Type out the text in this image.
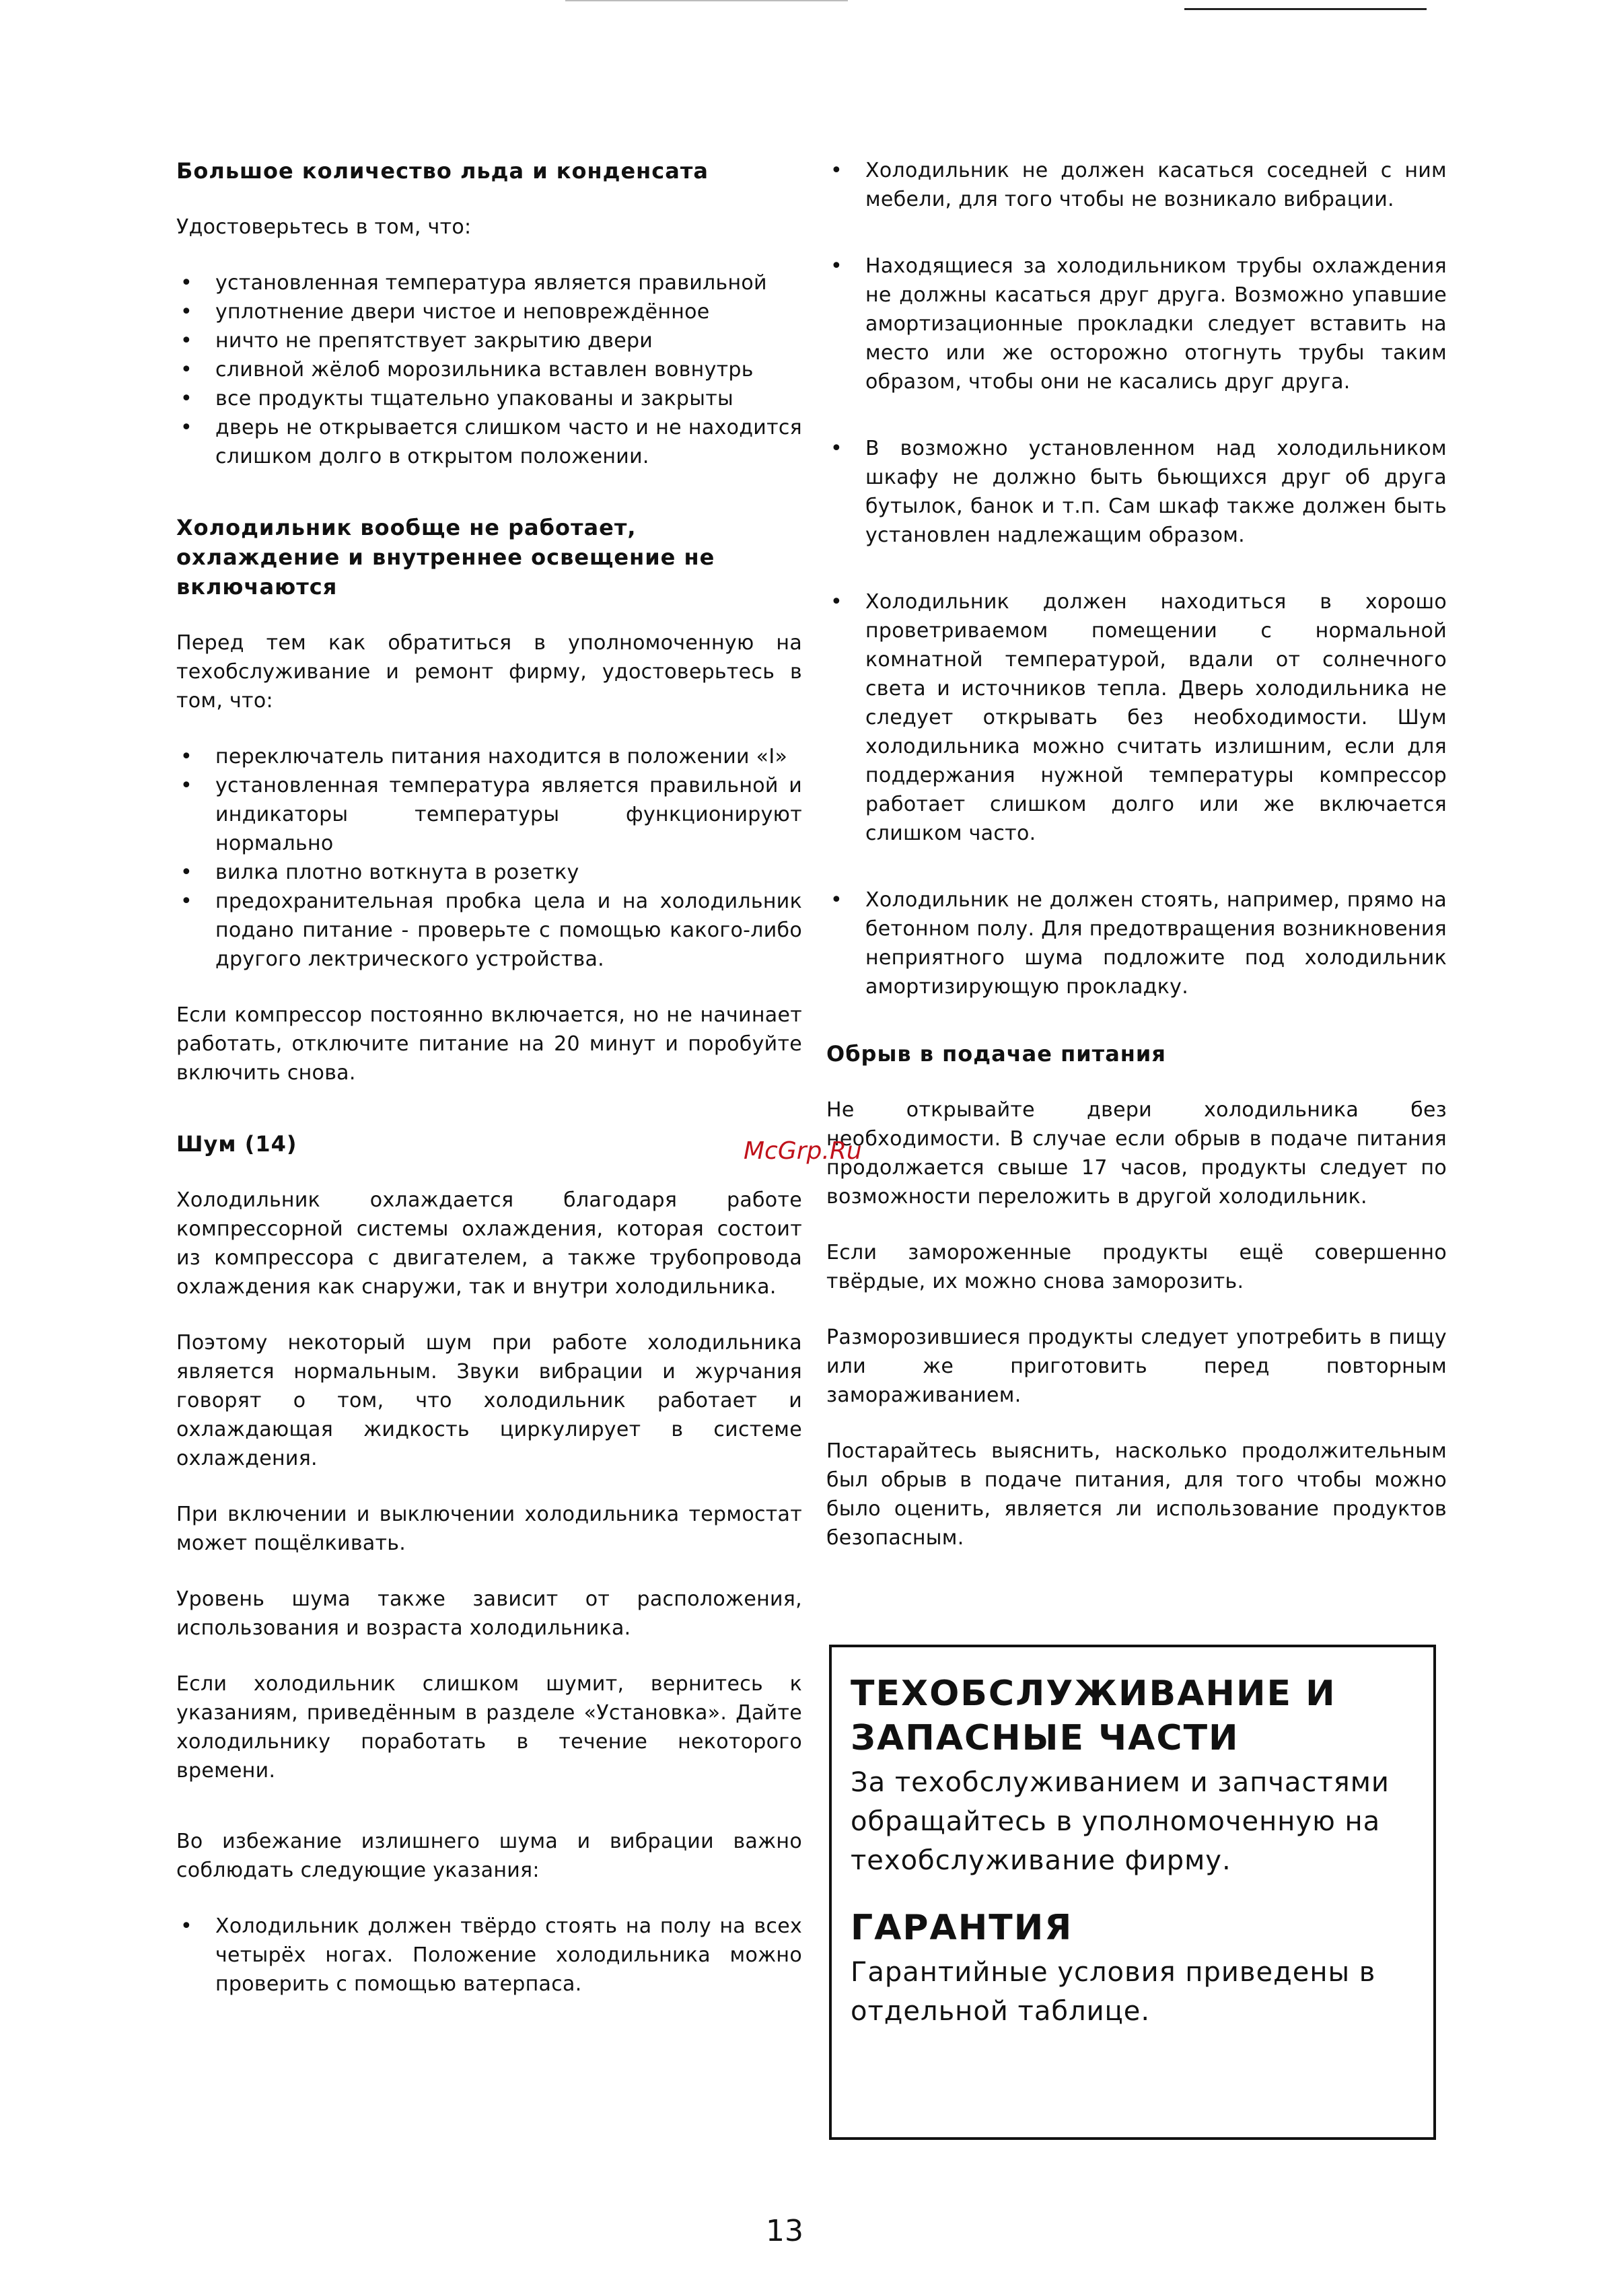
Большое количество льда и конденсата

Удостоверьтесь в том, что:

• установленная температура является правильной
• уплотнение двери чистое и неповреждённое
• ничто не препятствует закрытию двери
• сливной жёлоб морозильника вставлен вовнутрь
• все продукты тщательно упакованы и закрыты
• дверь не открывается слишком часто и не находится слишком долго в открытом положении.
Холодильник вообще не работает, охлаждение и внутреннее освещение не включаются

Перед тем как обратиться в уполномоченную на техобслуживание и ремонт фирму, удостоверьтесь в том, что:

• переключатель питания находится в положении «I»
• установленная температура является правильной и индикаторы температуры функционируют нормально
• вилка плотно воткнута в розетку
• предохранительная пробка цела и на холодильник подано питание - проверьте с помощью какого-либо другого лектрического устройства.

Если компрессор постоянно включается, но не начинает работать, отключите питание на 20 минут и поробуйте включить снова.

Шум (14)

Холодильник охлаждается благодаря работе компрессорной системы охлаждения, которая состоит из компрессора с двигателем, а также трубопровода охлаждения как снаружи, так и внутри холодильника.

Поэтому некоторый шум при работе холодильника является нормальным. Звуки вибрации и журчания говорят о том, что холодильник работает и охлаждающая жидкость циркулирует в системе охлаждения.

При включении и выключении холодильника термостат может пощёлкивать.

Уровень шума также зависит от расположения, использования и возраста холодильника.

Если холодильник слишком шумит, вернитесь к указаниям, приведённым в разделе «Установка». Дайте холодильнику поработать в течение некоторого времени.

Во избежание излишнего шума и вибрации важно соблюдать следующие указания:

• Холодильник должен твёрдо стоять на полу на всех четырёх ногах. Положение холодильника можно проверить с помощью ватерпаса.
• Холодильник не должен касаться соседней с ним мебели, для того чтобы не возникало вибрации.
• Находящиеся за холодильником трубы охлаждения не должны касаться друг друга. Возможно упавшие амортизационные прокладки следует вставить на место или же осторожно отогнуть трубы таким образом, чтобы они не касались друг друга.
• В возможно установленном над холодильником шкафу не должно быть бьющихся друг об друга бутылок, банок и т.п. Сам шкаф также должен быть установлен надлежащим образом.
• Холодильник должен находиться в хорошо проветриваемом помещении с нормальной комнатной температурой, вдали от солнечного света и источников тепла. Дверь холодильника не следует открывать без необходимости. Шум холодильника можно считать излишним, если для поддержания нужной температуры компрессор работает слишком долго или же включается слишком часто.
• Холодильник не должен стоять, например, прямо на бетонном полу. Для предотвращения возникновения неприятного шума подложите под холодильник амортизирующую прокладку.
Обрыв в подачае питания

Не открывайте двери холодильника без необходимости. В случае если обрыв в подаче питания продолжается свыше 17 часов, продукты следует по возможности переложить в другой холодильник.

Если замороженные продукты ещё совершенно твёрдые, их можно снова заморозить.

Разморозившиеся продукты следует употребить в пищу или же приготовить перед повторным замораживанием.

Постарайтесь выяснить, насколько продолжительным был обрыв в подаче питания, для того чтобы можно было оценить, является ли использование продуктов безопасным.

ТЕХОБСЛУЖИВАНИЕ И ЗАПАСНЫЕ ЧАСТИ

За техобслуживанием и запчастями обращайтесь в уполномоченную на техобслуживание фирму.

ГАРАНТИЯ

Гарантийные условия приведены в отдельной таблице.

McGrp.Ru
13
